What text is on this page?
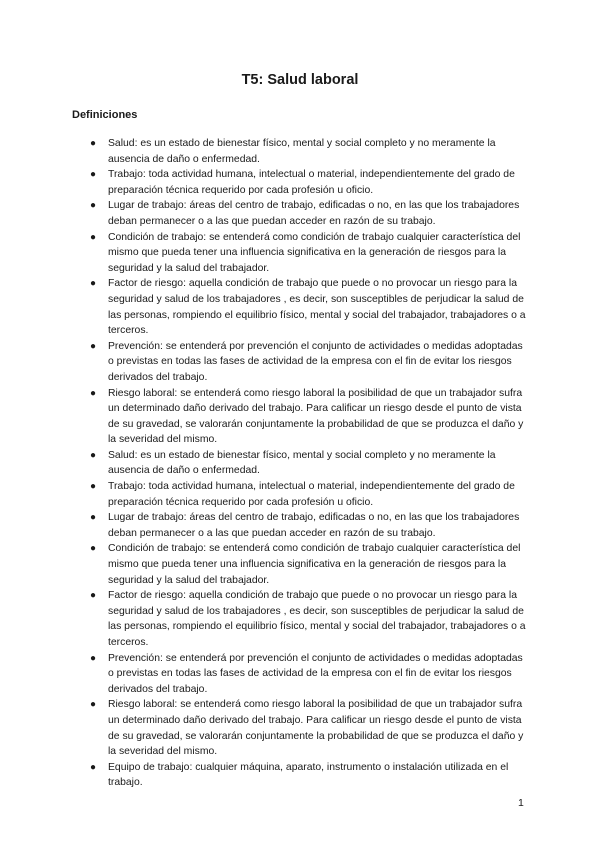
T5: Salud laboral
Definiciones
● Salud: es un estado de bienestar físico, mental y social completo y no meramente la ausencia de daño o enfermedad.
● Trabajo: toda actividad humana, intelectual o material, independientemente del grado de preparación técnica requerido por cada profesión u oficio.
● Lugar de trabajo: áreas del centro de trabajo, edificadas o no, en las que los trabajadores deban permanecer o a las que puedan acceder en razón de su trabajo.
● Condición de trabajo: se entenderá como condición de trabajo cualquier característica del mismo que pueda tener una influencia significativa en la generación de riesgos para la seguridad y la salud del trabajador.
● Factor de riesgo: aquella condición de trabajo que puede o no provocar un riesgo para la seguridad y salud de los trabajadores , es decir, son susceptibles de perjudicar la salud de las personas, rompiendo el equilibrio físico, mental y social del trabajador, trabajadores o a terceros.
● Prevención: se entenderá por prevención el conjunto de actividades o medidas adoptadas o previstas en todas las fases de actividad de la empresa con el fin de evitar los riesgos derivados del trabajo.
● Riesgo laboral: se entenderá como riesgo laboral la posibilidad de que un trabajador sufra un determinado daño derivado del trabajo. Para calificar un riesgo desde el punto de vista de su gravedad, se valorarán conjuntamente la probabilidad de que se produzca el daño y la severidad del mismo.
● Salud: es un estado de bienestar físico, mental y social completo y no meramente la ausencia de daño o enfermedad.
● Trabajo: toda actividad humana, intelectual o material, independientemente del grado de preparación técnica requerido por cada profesión u oficio.
● Lugar de trabajo: áreas del centro de trabajo, edificadas o no, en las que los trabajadores deban permanecer o a las que puedan acceder en razón de su trabajo.
● Condición de trabajo: se entenderá como condición de trabajo cualquier característica del mismo que pueda tener una influencia significativa en la generación de riesgos para la seguridad y la salud del trabajador.
● Factor de riesgo: aquella condición de trabajo que puede o no provocar un riesgo para la seguridad y salud de los trabajadores , es decir, son susceptibles de perjudicar la salud de las personas, rompiendo el equilibrio físico, mental y social del trabajador, trabajadores o a terceros.
● Prevención: se entenderá por prevención el conjunto de actividades o medidas adoptadas o previstas en todas las fases de actividad de la empresa con el fin de evitar los riesgos derivados del trabajo.
● Riesgo laboral: se entenderá como riesgo laboral la posibilidad de que un trabajador sufra un determinado daño derivado del trabajo. Para calificar un riesgo desde el punto de vista de su gravedad, se valorarán conjuntamente la probabilidad de que se produzca el daño y la severidad del mismo.
● Equipo de trabajo: cualquier máquina, aparato, instrumento o instalación utilizada en el trabajo.
1
